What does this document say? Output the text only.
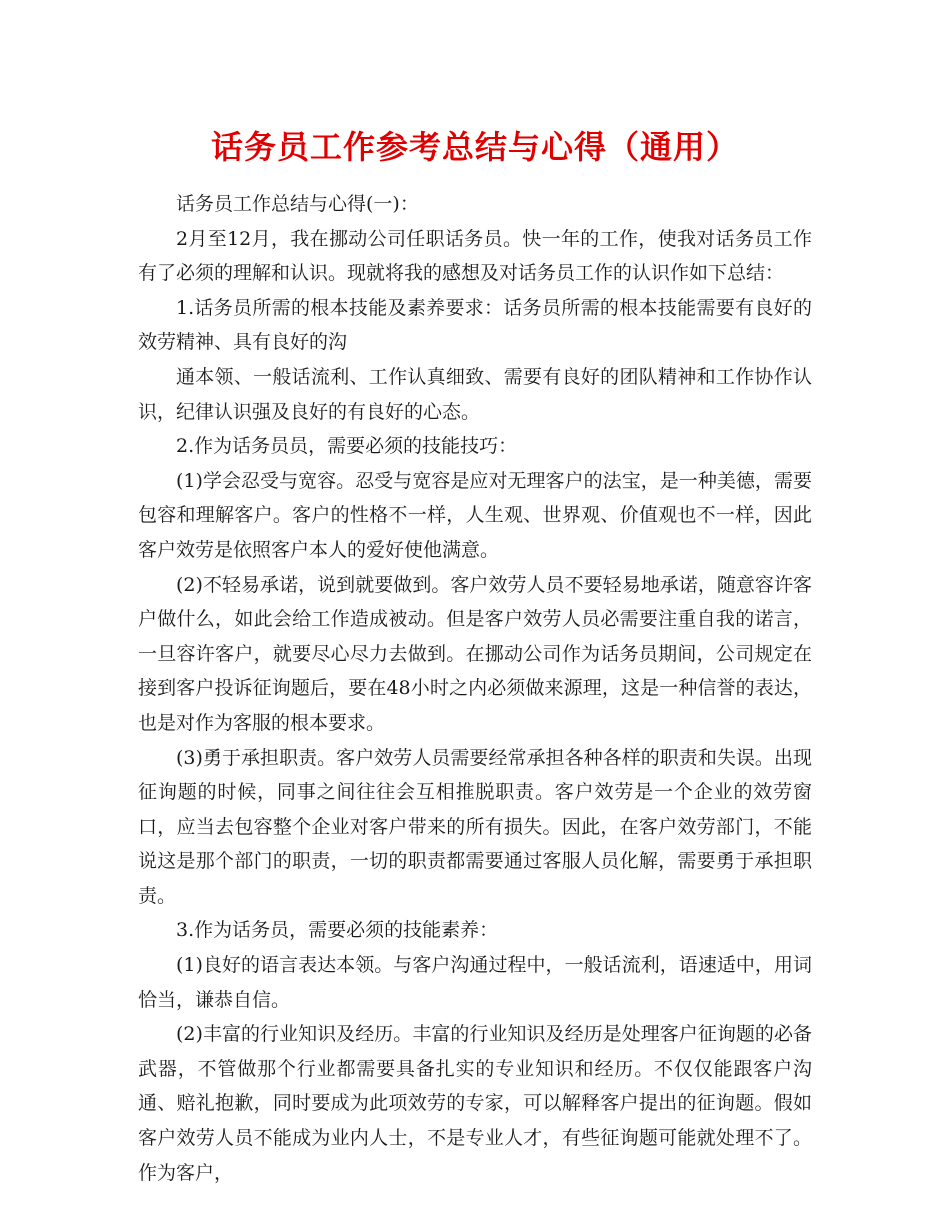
话务员工作参考总结与心得（通用）

话务员工作总结与心得(一)：

2月至12月，我在挪动公司任职话务员。快一年的工作，使我对话务员工作有了必须的理解和认识。现就将我的感想及对话务员工作的认识作如下总结：

1.话务员所需的根本技能及素养要求：话务员所需的根本技能需要有良好的效劳精神、具有良好的沟

通本领、一般话流利、工作认真细致、需要有良好的团队精神和工作协作认识，纪律认识强及良好的有良好的心态。

2.作为话务员员，需要必须的技能技巧：

(1)学会忍受与宽容。忍受与宽容是应对无理客户的法宝，是一种美德，需要包容和理解客户。客户的性格不一样，人生观、世界观、价值观也不一样，因此客户效劳是依照客户本人的爱好使他满意。

(2)不轻易承诺，说到就要做到。客户效劳人员不要轻易地承诺，随意容许客户做什么，如此会给工作造成被动。但是客户效劳人员必需要注重自我的诺言，一旦容许客户，就要尽心尽力去做到。在挪动公司作为话务员期间，公司规定在接到客户投诉征询题后，要在48小时之内必须做来源理，这是一种信誉的表达，也是对作为客服的根本要求。

(3)勇于承担职责。客户效劳人员需要经常承担各种各样的职责和失误。出现征询题的时候，同事之间往往会互相推脱职责。客户效劳是一个企业的效劳窗口，应当去包容整个企业对客户带来的所有损失。因此，在客户效劳部门，不能说这是那个部门的职责，一切的职责都需要通过客服人员化解，需要勇于承担职责。

3.作为话务员，需要必须的技能素养：

(1)良好的语言表达本领。与客户沟通过程中，一般话流利，语速适中，用词恰当，谦恭自信。

(2)丰富的行业知识及经历。丰富的行业知识及经历是处理客户征询题的必备武器，不管做那个行业都需要具备扎实的专业知识和经历。不仅仅能跟客户沟通、赔礼抱歉，同时要成为此项效劳的专家，可以解释客户提出的征询题。假如客户效劳人员不能成为业内人士，不是专业人才，有些征询题可能就处理不了。作为客户，
